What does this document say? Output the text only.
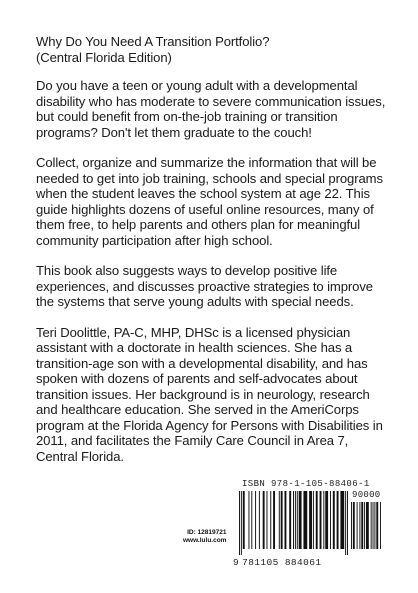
Why Do You Need A Transition Portfolio?
(Central Florida Edition)

Do you have a teen or young adult with a developmental disability who has moderate to severe communication issues, but could benefit from on-the-job training or transition programs? Don't let them graduate to the couch!

Collect, organize and summarize the information that will be needed to get into job training, schools and special programs when the student leaves the school system at age 22. This guide highlights dozens of useful online resources, many of them free, to help parents and others plan for meaningful community participation after high school.

This book also suggests ways to develop positive life experiences, and discusses proactive strategies to improve the systems that serve young adults with special needs.

Teri Doolittle, PA-C, MHP, DHSc is a licensed physician assistant with a doctorate in health sciences. She has a transition-age son with a developmental disability, and has spoken with dozens of parents and self-advocates about transition issues. Her background is in neurology, research and healthcare education. She served in the AmeriCorps program at the Florida Agency for Persons with Disabilities in 2011, and facilitates the Family Care Council in Area 7, Central Florida.

ID: 12819721
www.lulu.com
ISBN 978-1-105-88406-1
90000
9 781105 884061
